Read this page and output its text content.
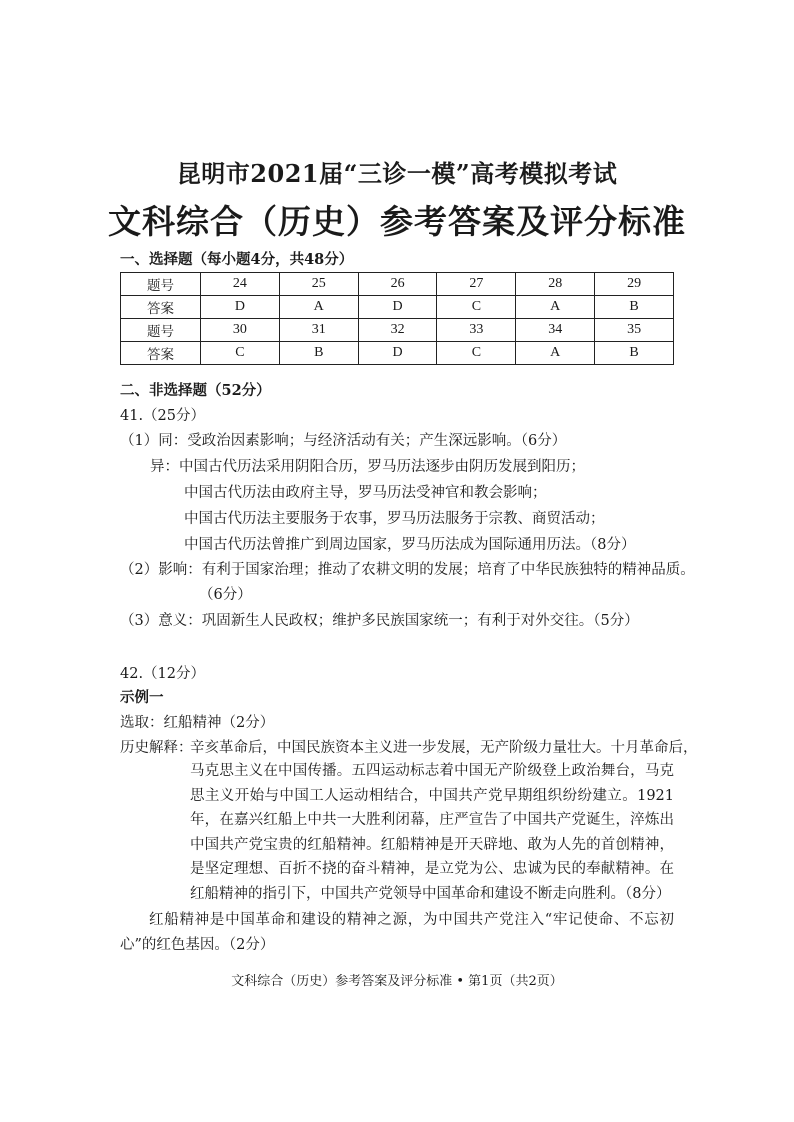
昆明市2021届“三诊一模”高考模拟考试
文科综合（历史）参考答案及评分标准
一、选择题（每小题4分，共48分）
题号	24	25	26	27	28	29
答案	D	A	D	C	A	B
题号	30	31	32	33	34	35
答案	C	B	D	C	A	B
二、非选择题（52分）
41.（25分）
（1）同：受政治因素影响；与经济活动有关；产生深远影响。（6分）
异：中国古代历法采用阴阳合历，罗马历法逐步由阴历发展到阳历；
中国古代历法由政府主导，罗马历法受神官和教会影响；
中国古代历法主要服务于农事，罗马历法服务于宗教、商贸活动；
中国古代历法曾推广到周边国家，罗马历法成为国际通用历法。（8分）
（2）影响：有利于国家治理；推动了农耕文明的发展；培育了中华民族独特的精神品质。
（6分）
（3）意义：巩固新生人民政权；维护多民族国家统一；有利于对外交往。（5分）
42.（12分）
示例一
选取：红船精神（2分）
历史解释：
辛亥革命后，中国民族资本主义进一步发展，无产阶级力量壮大。十月革命后，
马克思主义在中国传播。五四运动标志着中国无产阶级登上政治舞台，马克思主义开始与中国工人运动相结合，中国共产党早期组织纷纷建立。1921年，在嘉兴红船上中共一大胜利闭幕，庄严宣告了中国共产党诞生，淬炼出中国共产党宝贵的红船精神。红船精神是开天辟地、敢为人先的首创精神，是坚定理想、百折不挠的奋斗精神，是立党为公、忠诚为民的奉献精神。在红船精神的指引下，中国共产党领导中国革命和建设不断走向胜利。（8分）
红船精神是中国革命和建设的精神之源，为中国共产党注入“牢记使命、不忘初心”的红色基因。（2分）
文科综合（历史）参考答案及评分标准 • 第1页（共2页）
